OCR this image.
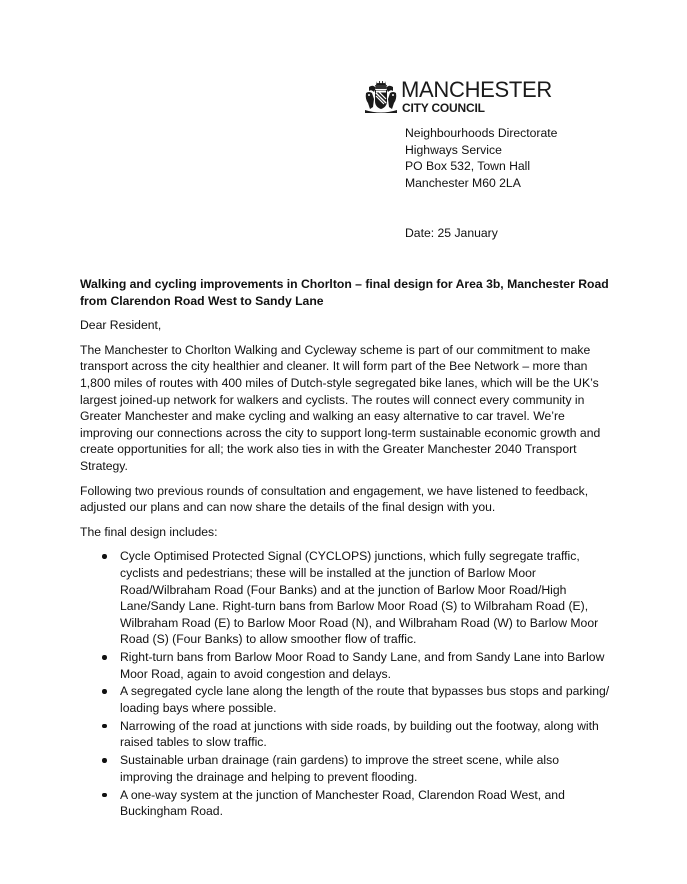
MANCHESTER
CITY COUNCIL
Neighbourhoods Directorate
Highways Service
PO Box 532, Town Hall
Manchester M60 2LA
Date: 25 January

Walking and cycling improvements in Chorlton – final design for Area 3b, Manchester Road from Clarendon Road West to Sandy Lane

Dear Resident,

The Manchester to Chorlton Walking and Cycleway scheme is part of our commitment to make transport across the city healthier and cleaner. It will form part of the Bee Network – more than 1,800 miles of routes with 400 miles of Dutch-style segregated bike lanes, which will be the UK’s largest joined-up network for walkers and cyclists. The routes will connect every community in Greater Manchester and make cycling and walking an easy alternative to car travel. We’re improving our connections across the city to support long-term sustainable economic growth and create opportunities for all; the work also ties in with the Greater Manchester 2040 Transport Strategy.

Following two previous rounds of consultation and engagement, we have listened to feedback, adjusted our plans and can now share the details of the final design with you.

The final design includes:

Cycle Optimised Protected Signal (CYCLOPS) junctions, which fully segregate traffic, cyclists and pedestrians; these will be installed at the junction of Barlow Moor Road/Wilbraham Road (Four Banks) and at the junction of Barlow Moor Road/High Lane/Sandy Lane. Right-turn bans from Barlow Moor Road (S) to Wilbraham Road (E), Wilbraham Road (E) to Barlow Moor Road (N), and Wilbraham Road (W) to Barlow Moor Road (S) (Four Banks) to allow smoother flow of traffic.
Right-turn bans from Barlow Moor Road to Sandy Lane, and from Sandy Lane into Barlow Moor Road, again to avoid congestion and delays.
A segregated cycle lane along the length of the route that bypasses bus stops and parking/ loading bays where possible.
Narrowing of the road at junctions with side roads, by building out the footway, along with raised tables to slow traffic.
Sustainable urban drainage (rain gardens) to improve the street scene, while also improving the drainage and helping to prevent flooding.
A one-way system at the junction of Manchester Road, Clarendon Road West, and Buckingham Road.
